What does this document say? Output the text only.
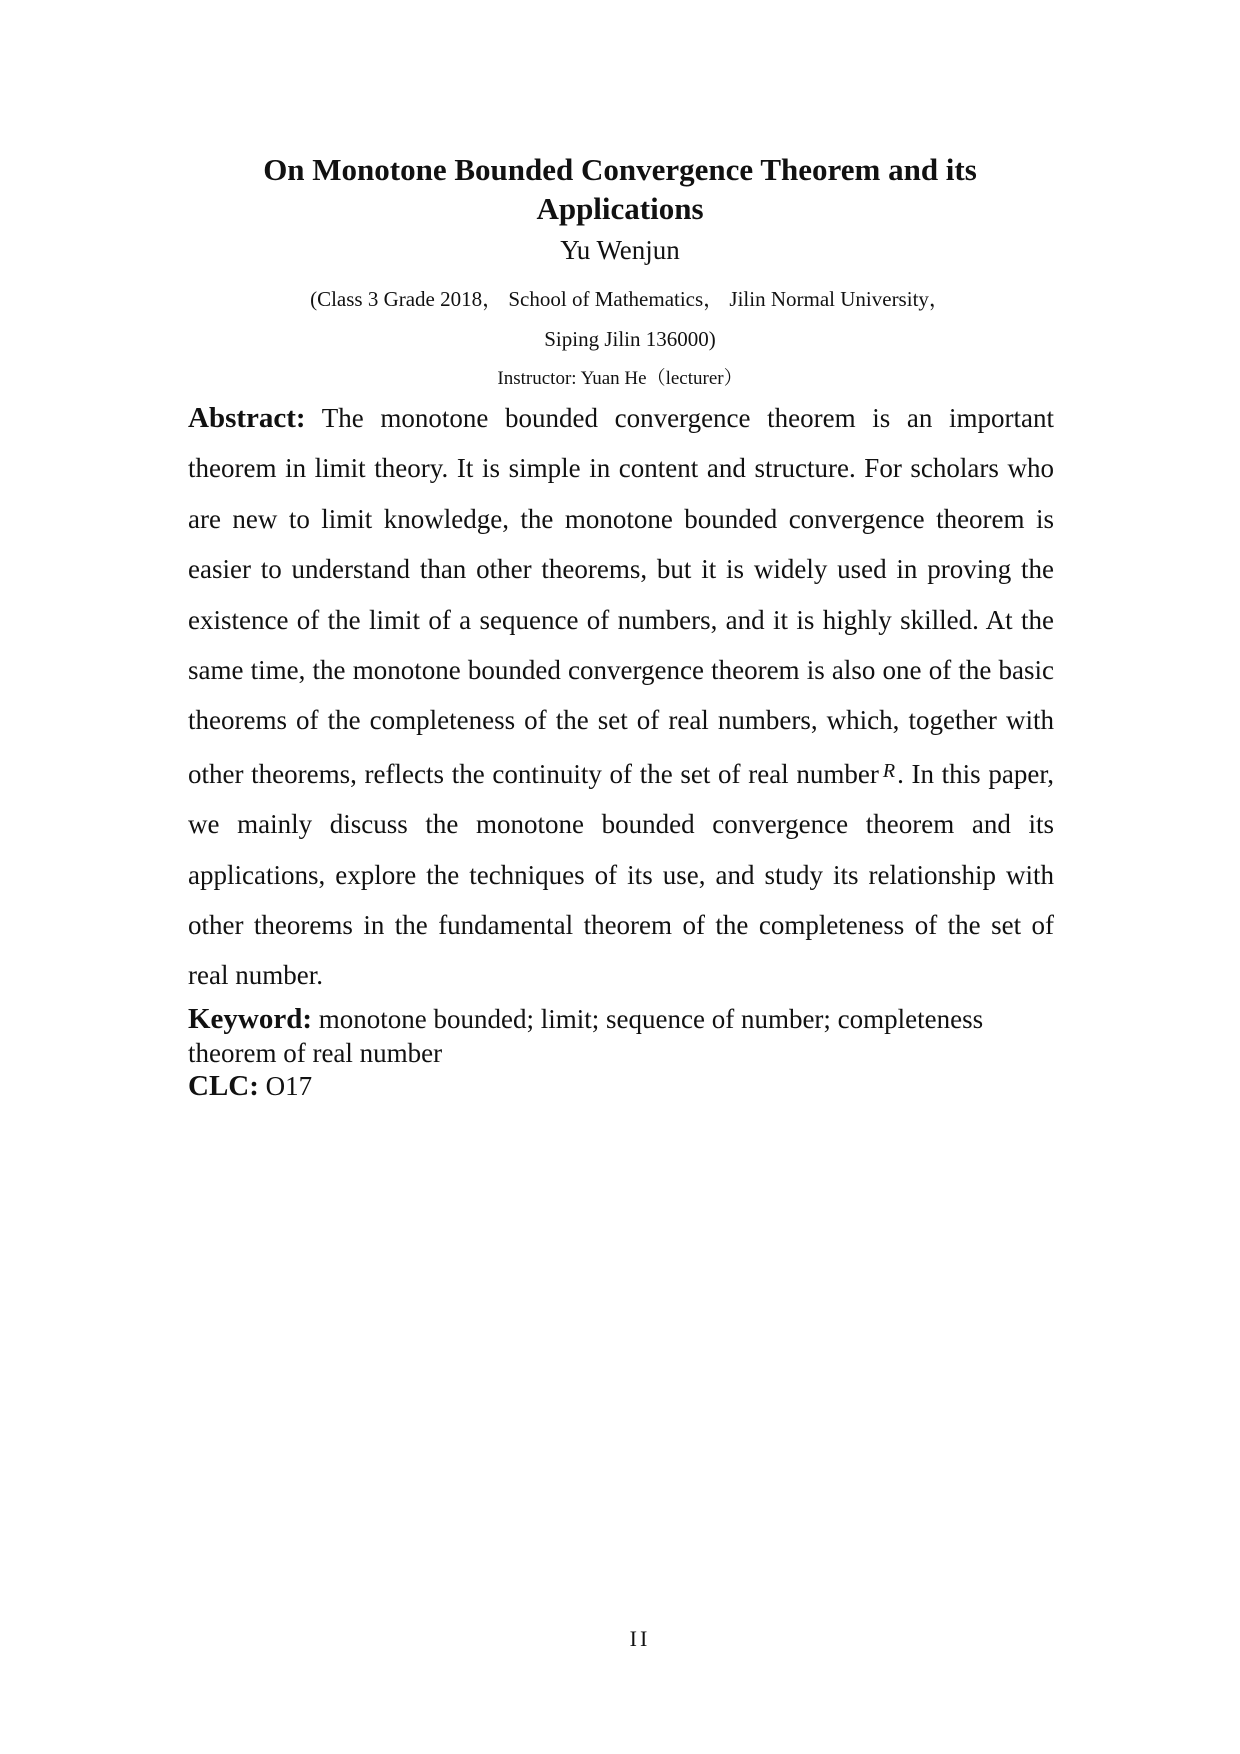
On Monotone Bounded Convergence Theorem and its
Applications
Yu Wenjun
(Class 3 Grade 2018， School of Mathematics， Jilin Normal University，
Siping Jilin 136000)
Instructor: Yuan He（lecturer）

Abstract: The monotone bounded convergence theorem is an important theorem in limit theory. It is simple in content and structure. For scholars who are new to limit knowledge, the monotone bounded convergence theorem is easier to understand than other theorems, but it is widely used in proving the existence of the limit of a sequence of numbers, and it is highly skilled. At the same time, the monotone bounded convergence theorem is also one of the basic theorems of the completeness of the set of real numbers, which, together with other theorems, reflects the continuity of the set of real number $^R$. In this paper, we mainly discuss the monotone bounded convergence theorem and its applications, explore the techniques of its use, and study its relationship with other theorems in the fundamental theorem of the completeness of the set of real number.

Keyword: monotone bounded; limit; sequence of number; completeness theorem of real number

CLC: O17

II
